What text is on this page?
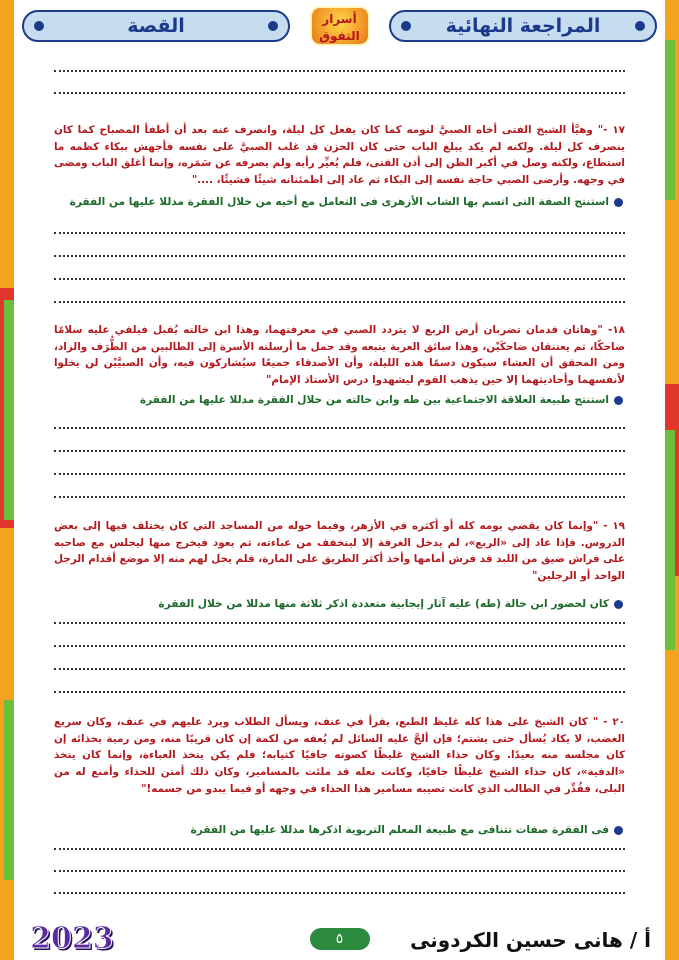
المراجعة النهائية
أسرار
التفوق
القصة
١٧ -" وهيَّأ الشيخ الفتى أخاه الصبيَّ لنومه كما كان يفعل كل ليلة، وانصرف عنه بعد أن أطفأ المصباح كما كان ينصرف كل ليلة. ولكنه لم يكد يبلغ الباب حتى كان الحزن قد غلب الصبيَّ على نفسه فأجهش ببكاء كظمه ما استطاع، ولكنه وصل في أكبر الظن إلى أذن الفتى، فلم يُغيِّر رأيه ولم يصرفه عن سَمَره، وإنما أغلق الباب ومضى في وجهه. وأرضى الصبي حاجة نفسه إلى البكاء ثم عاد إلى اطمئنانه شيئًا فشيئًا، ...."
استنتج الصفة التى اتسم بها الشاب الأزهرى فى التعامل مع أخيه من خلال الفقرة مدللا عليها من الفقرة
١٨- "وهاتان قدمان تضربان أرض الربع لا يتردد الصبي في معرفتهما، وهذا ابن خالته يُقبل فيلقي عليه سلامًا ضاحكًا، ثم يعتنقان ضاحكَيْن، وهذا سائق العربة يتبعه وقد حمل ما أرسلته الأسرة إلى الطالبين من الطُّرَف والزاد، ومن المحقق أن العشاء سيكون دسمًا هذه الليلة، وأن الأصدقاء جميعًا سيُشاركون فيه، وأن الصبيَّيْن لن يخلوا لأنفسهما وأحاديثهما إلا حين يذهب القوم ليشهدوا درس الأستاذ الإمام"
استنتج طبيعة العلاقة الاجتماعية بين طه وابن خالته من خلال الفقرة مدللا عليها من الفقرة
١٩ - "وإنما كان يقضي يومه كله أو أكثره في الأزهر، وفيما حوله من المساجد التي كان يختلف فيها إلى بعض الدروس. فإذا عاد إلى «الربع»، لم يدخل الغرفة إلا ليتخفف من عباءته، ثم يعود فيخرج منها ليجلس مع صاحبه على فراش ضيق من اللبد قد فرش أمامها وأخذ أكثر الطريق على المارة، فلم يخل لهم منه إلا موضع أقدام الرجل الواحد أو الرجلين"
كان لحضور ابن خالة (طه) عليه آثار إيجابية متعددة اذكر ثلاثة منها مدللا من خلال الفقرة
٢٠ - " كان الشيخ على هذا كله غليظ الطبع، يقرأ في عنف، ويسأل الطلاب ويرد عليهم في عنف، وكان سريع الغضب، لا يكاد يُسأل حتى يشتم؛ فإن ألحَّ عليه السائل لم يُعفه من لكمة إن كان قريبًا منه، ومن رمية بحذائه إن كان مجلسه منه بعيدًا. وكان حذاء الشيخ غليظًا كصوته جافيًا كثيابه؛ فلم يكن يتخذ العباءة، وإنما كان يتخذ «الدفية»، كان حذاء الشيخ غليظًا جافيًا، وكانت نعله قد ملئت بالمسامير، وكان ذلك أمتن للحذاء وأمنع له من البلى، فقُدِّر في الطالب الذي كانت تصيبه مسامير هذا الحذاء في وجهه أو فيما يبدو من جسمه!"
فى الفقرة صفات تتنافى مع طبيعة المعلم التربوية اذكرها مدللا عليها من الفقرة
أ / هانى حسين الكردونى
٥
2023
